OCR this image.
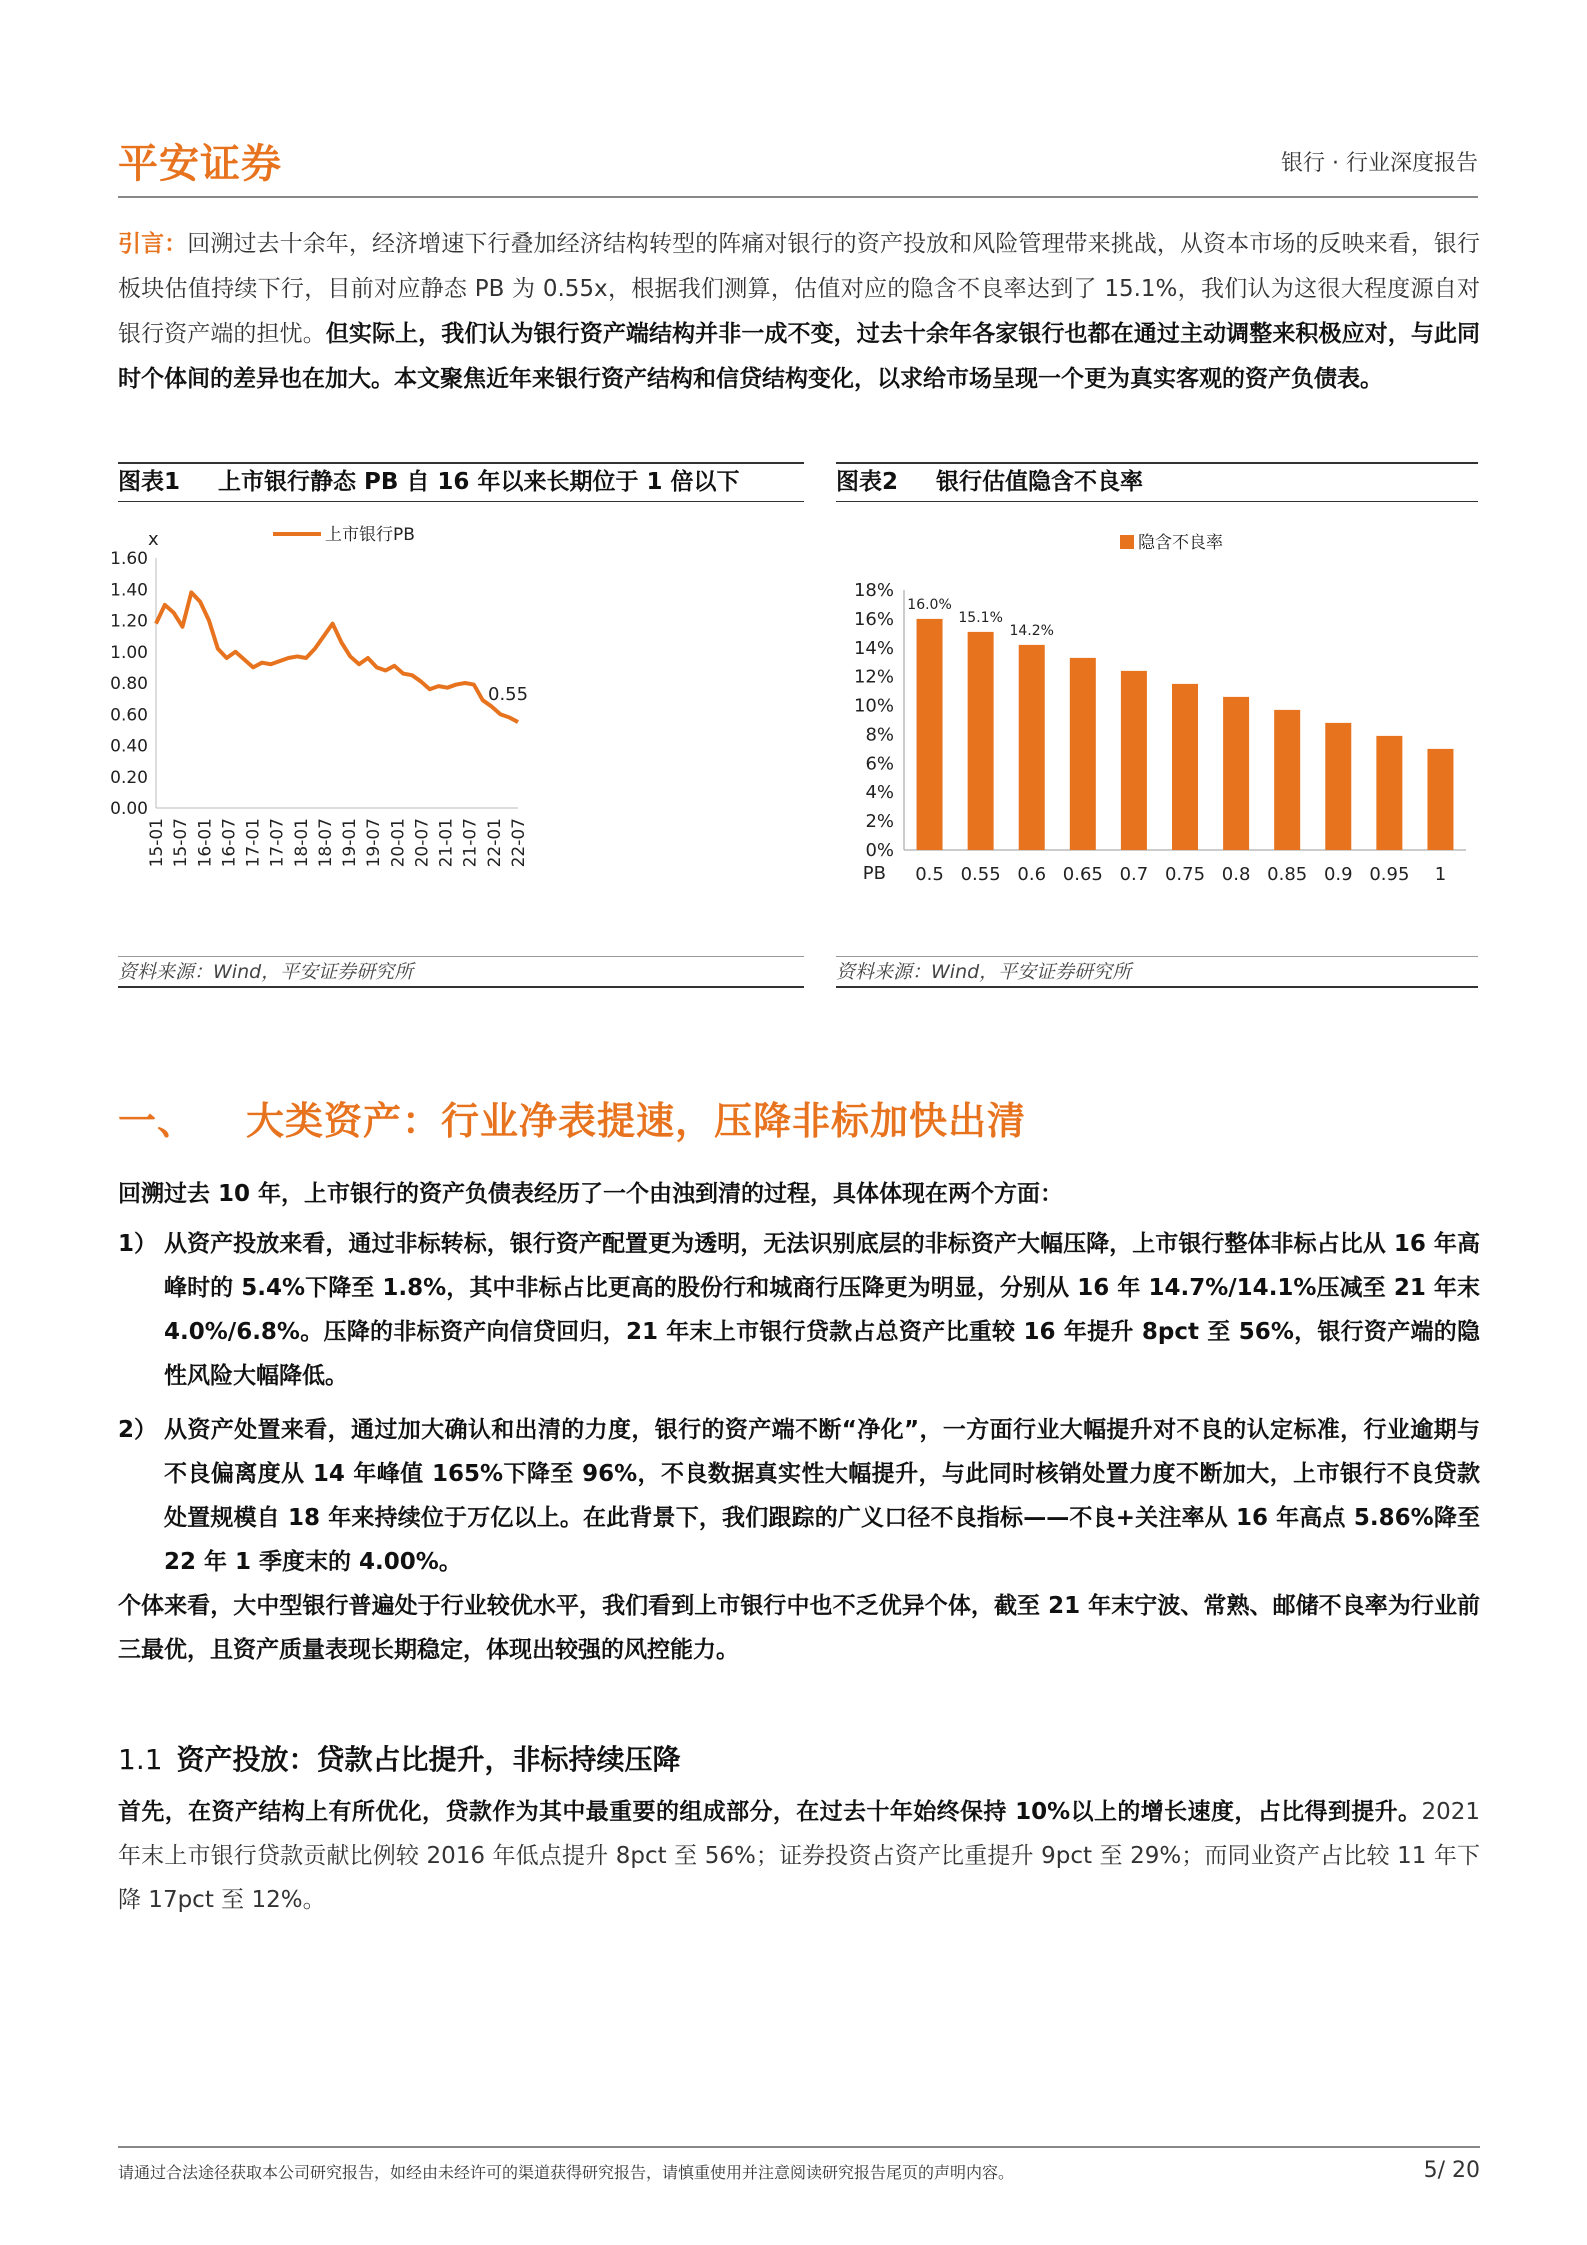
平安证券	银行 · 行业深度报告
引言：回溯过去十余年，经济增速下行叠加经济结构转型的阵痛对银行的资产投放和风险管理带来挑战，从资本市场的反映来看，银行板块估值持续下行，目前对应静态 PB 为 0.55x，根据我们测算，估值对应的隐含不良率达到了 15.1%，我们认为这很大程度源自对银行资产端的担忧。但实际上，我们认为银行资产端结构并非一成不变，过去十余年各家银行也都在通过主动调整来积极应对，与此同时个体间的差异也在加大。本文聚焦近年来银行资产结构和信贷结构变化，以求给市场呈现一个更为真实客观的资产负债表。
图表1 上市银行静态 PB 自 16 年以来长期位于 1 倍以下	图表2 银行估值隐含不良率
x	上市银行PB
1.60
1.40
1.20
1.00
0.80
0.60
0.40
0.20
0.00
15-01 15-07 16-01 16-07 17-01 17-07 18-01 18-07 19-01 19-07 20-01 20-07 21-01 21-07 22-01 22-07
0.55
隐含不良率
18%
16%
14%
12%
10%
8%
6%
4%
2%
0%
16.0%
15.1%
14.2%
0.5 0.55 0.6 0.65 0.7 0.75 0.8 0.85 0.9 0.95 1
PB
资料来源：Wind，平安证券研究所	资料来源：Wind，平安证券研究所
一、 大类资产：行业净表提速，压降非标加快出清
回溯过去 10 年，上市银行的资产负债表经历了一个由浊到清的过程，具体体现在两个方面：
1） 从资产投放来看，通过非标转标，银行资产配置更为透明，无法识别底层的非标资产大幅压降，上市银行整体非标占比从 16 年高峰时的 5.4%下降至 1.8%，其中非标占比更高的股份行和城商行压降更为明显，分别从 16 年 14.7%/14.1%压减至 21 年末 4.0%/6.8%。压降的非标资产向信贷回归，21 年末上市银行贷款占总资产比重较 16 年提升 8pct 至 56%，银行资产端的隐性风险大幅降低。
2） 从资产处置来看，通过加大确认和出清的力度，银行的资产端不断“净化”，一方面行业大幅提升对不良的认定标准，行业逾期与不良偏离度从 14 年峰值 165%下降至 96%，不良数据真实性大幅提升，与此同时核销处置力度不断加大，上市银行不良贷款处置规模自 18 年来持续位于万亿以上。在此背景下，我们跟踪的广义口径不良指标——不良+关注率从 16 年高点 5.86%降至 22 年 1 季度末的 4.00%。
个体来看，大中型银行普遍处于行业较优水平，我们看到上市银行中也不乏优异个体，截至 21 年末宁波、常熟、邮储不良率为行业前三最优，且资产质量表现长期稳定，体现出较强的风控能力。
1.1 资产投放：贷款占比提升，非标持续压降
首先，在资产结构上有所优化，贷款作为其中最重要的组成部分，在过去十年始终保持 10%以上的增长速度，占比得到提升。2021 年末上市银行贷款贡献比例较 2016 年低点提升 8pct 至 56%；证券投资占资产比重提升 9pct 至 29%；而同业资产占比较 11 年下降 17pct 至 12%。
请通过合法途径获取本公司研究报告，如经由未经许可的渠道获得研究报告，请慎重使用并注意阅读研究报告尾页的声明内容。	5/ 20
